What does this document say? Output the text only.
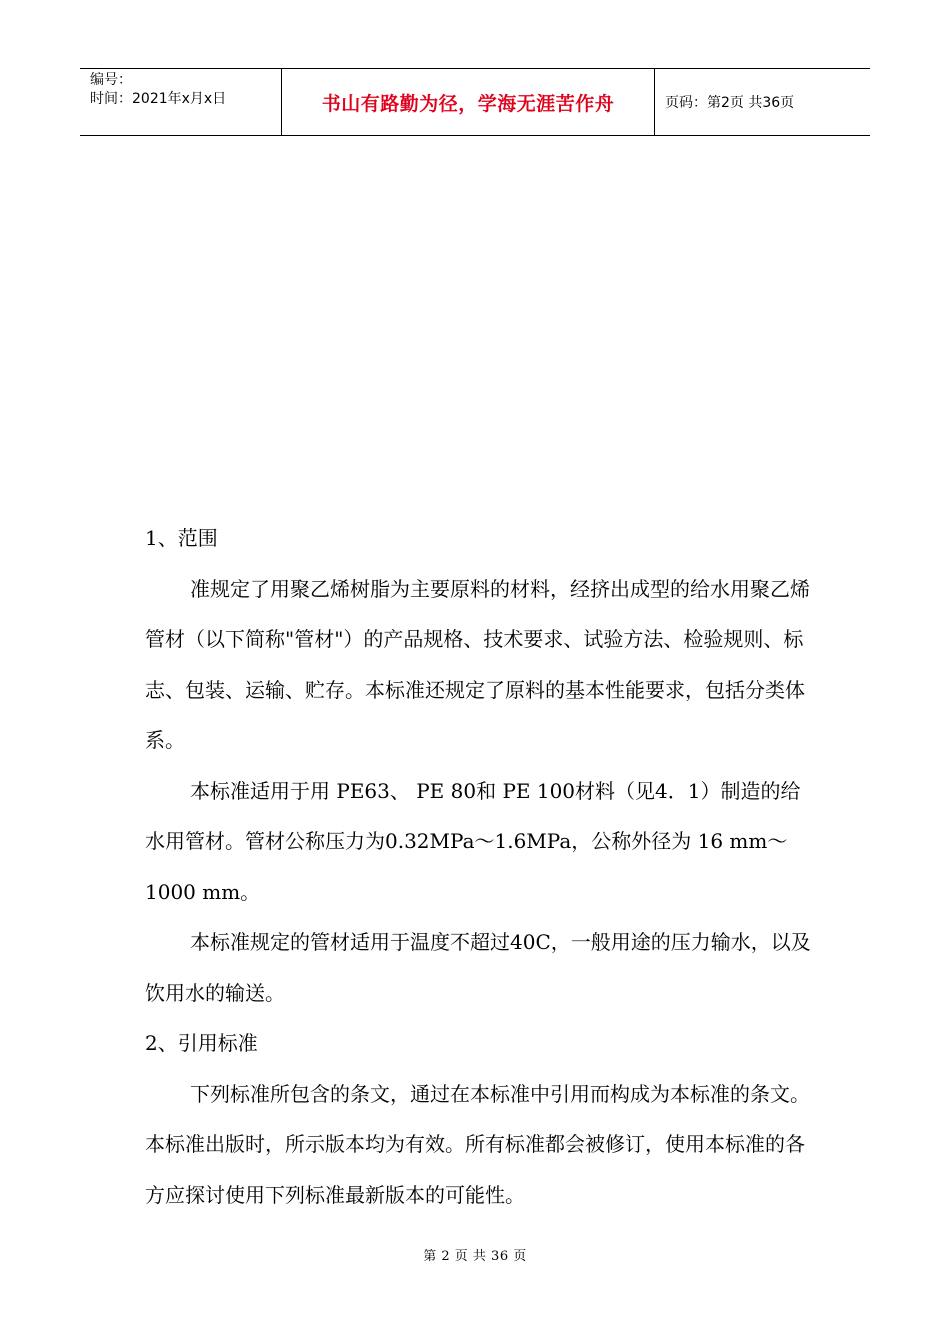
编号：
时间：2021年x月x日	书山有路勤为径，学海无涯苦作舟	页码：第2页 共36页

1、范围

准规定了用聚乙烯树脂为主要原料的材料，经挤出成型的给水用聚乙烯管材（以下简称"管材"）的产品规格、技术要求、试验方法、检验规则、标志、包装、运输、贮存。本标准还规定了原料的基本性能要求，包括分类体系。

本标准适用于用 PE63、 PE 80和 PE 100材料（见4．1）制造的给水用管材。管材公称压力为0.32MPa～1.6MPa，公称外径为 16 mm～1000 mm。

本标准规定的管材适用于温度不超过40C，一般用途的压力输水，以及饮用水的输送。

2、引用标准

下列标准所包含的条文，通过在本标准中引用而构成为本标准的条文。本标准出版时，所示版本均为有效。所有标准都会被修订，使用本标准的各方应探讨使用下列标准最新版本的可能性。

第 2 页 共 36 页
